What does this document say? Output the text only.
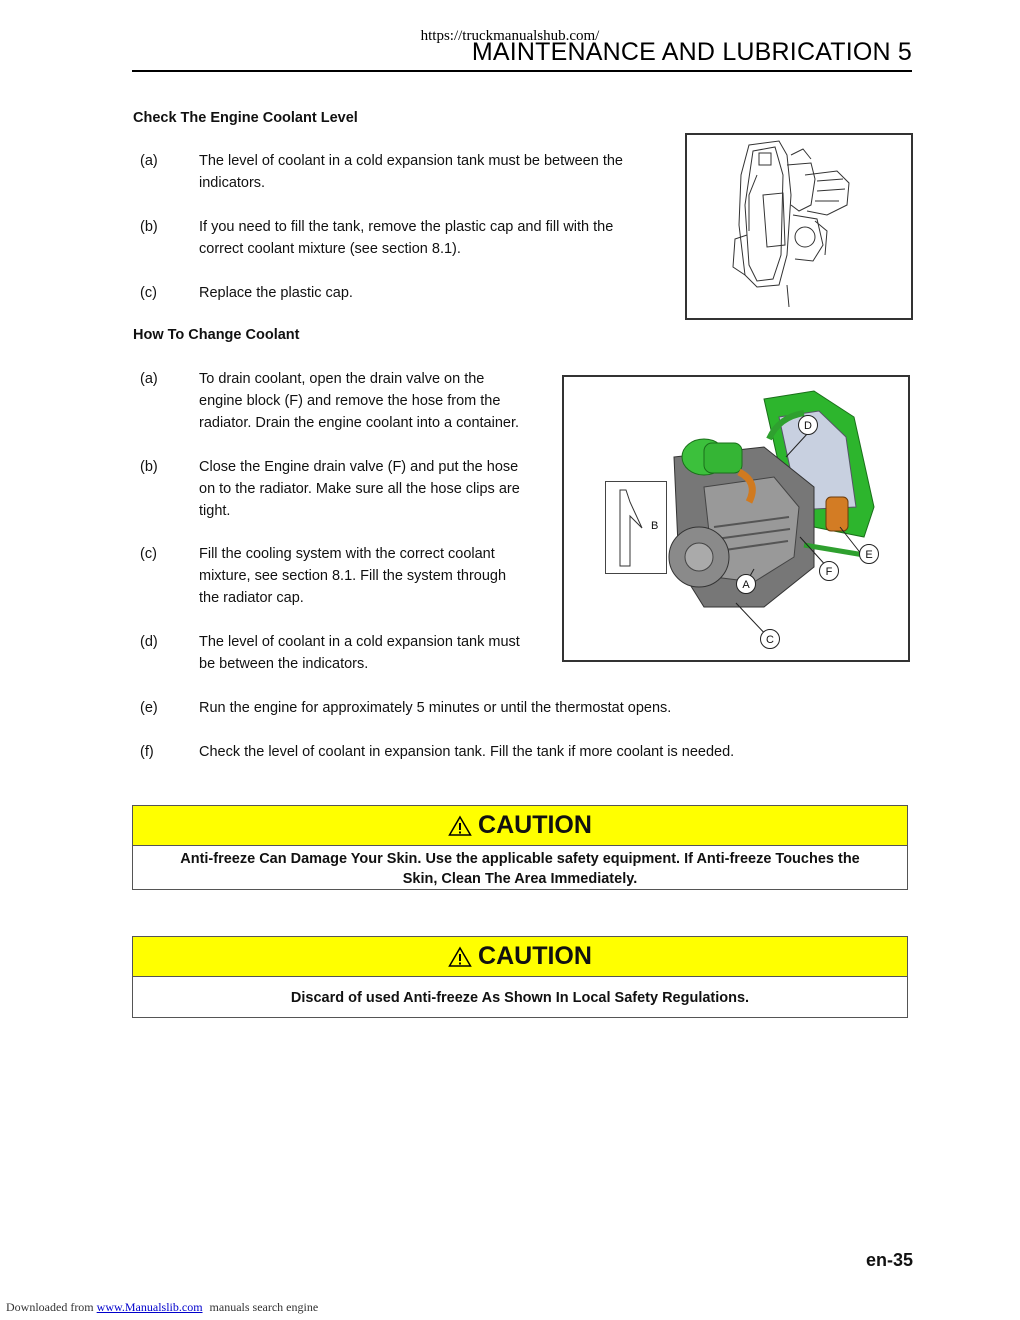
https://truckmanualshub.com/
MAINTENANCE AND LUBRICATION 5
Check The Engine Coolant Level
(a)	The level of coolant in a cold expansion tank must be between the
indicators.
(b)	If you need to fill the tank, remove the plastic cap and fill with the
correct coolant mixture (see section 8.1).
(c)	Replace the plastic cap.
How To Change Coolant
(a)	To drain coolant, open the drain valve on the
engine block (F) and remove the hose from the
radiator. Drain the engine coolant into a container.
(b)	Close the Engine drain valve (F) and put the hose
on to the radiator. Make sure all the hose clips are
tight.
(c)	Fill the cooling system with the correct coolant
mixture, see section 8.1. Fill the system through
the radiator cap.
(d)	The level of coolant in a cold expansion tank must
be between the indicators.
(e)	Run the engine for approximately 5 minutes or until the thermostat opens.
(f)	Check the level of coolant in expansion tank. Fill the tank if more coolant is needed.
B
D
E
F
A
C
CAUTION
Anti-freeze Can Damage Your Skin. Use the applicable safety equipment. If Anti-freeze Touches the
Skin, Clean The Area Immediately.
CAUTION
Discard of used Anti-freeze As Shown In Local Safety Regulations.
en-35
Downloaded from www.Manualslib.com manuals search engine
